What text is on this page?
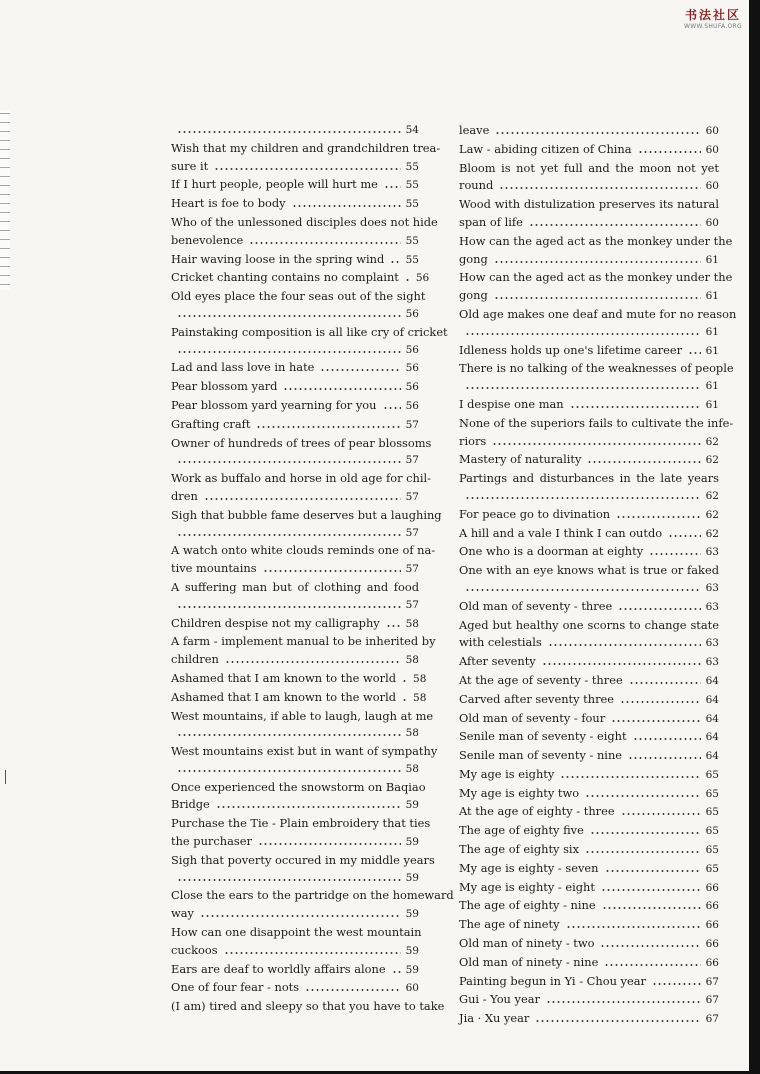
书法社区
WWW.SHUFA.ORG
54
Wish that my children and grandchildren trea-
sure it	55
If I hurt people, people will hurt me	55
Heart is foe to body	55
Who of the unlessoned disciples does not hide
benevolence	55
Hair waving loose in the spring wind 55
Cricket chanting contains no complaint 56
Old eyes place the four seas out of the sight
56
Painstaking composition is all like cry of cricket
56
Lad and lass love in hate	56
Pear blossom yard	56
Pear blossom yard yearning for you	56
Grafting craft	57
Owner of hundreds of trees of pear blossoms
57
Work as buffalo and horse in old age for chil-
dren	57
Sigh that bubble fame deserves but a laughing
57
A watch onto white clouds reminds one of na-
tive mountains	57
A suffering man but of clothing and food
57
Children despise not my calligraphy 58
A farm - implement manual to be inherited by
children	58
Ashamed that I am known to the world 58
Ashamed that I am known to the world 58
West mountains, if able to laugh, laugh at me
58
West mountains exist but in want of sympathy
58
Once experienced the snowstorm on Baqiao
Bridge	59
Purchase the Tie - Plain embroidery that ties
the purchaser	59
Sigh that poverty occured in my middle years
59
Close the ears to the partridge on the homeward
way	59
How can one disappoint the west mountain
cuckoos	59
Ears are deaf to worldly affairs alone 59
One of four fear - nots	60
(I am) tired and sleepy so that you have to take
leave	60
Law - abiding citizen of China	60
Bloom is not yet full and the moon not yet
round	60
Wood with distulization preserves its natural
span of life	60
How can the aged act as the monkey under the
gong	61
How can the aged act as the monkey under the
gong	61
Old age makes one deaf and mute for no reason
61
Idleness holds up one's lifetime career 61
There is no talking of the weaknesses of people
61
I despise one man	61
None of the superiors fails to cultivate the infe-
riors	62
Mastery of naturality	62
Partings and disturbances in the late years
62
For peace go to divination	62
A hill and a vale I think I can outdo	62
One who is a doorman at eighty	63
One with an eye knows what is true or faked
63
Old man of seventy - three	63
Aged but healthy one scorns to change state
with celestials	63
After seventy	63
At the age of seventy - three	64
Carved after seventy three	64
Old man of seventy - four	64
Senile man of seventy - eight	64
Senile man of seventy - nine	64
My age is eighty	65
My age is eighty two	65
At the age of eighty - three	65
The age of eighty five	65
The age of eighty six	65
My age is eighty - seven	65
My age is eighty - eight	66
The age of eighty - nine	66
The age of ninety	66
Old man of ninety - two	66
Old man of ninety - nine	66
Painting begun in Yi - Chou year	67
Gui - You year	67
Jia · Xu year	67
